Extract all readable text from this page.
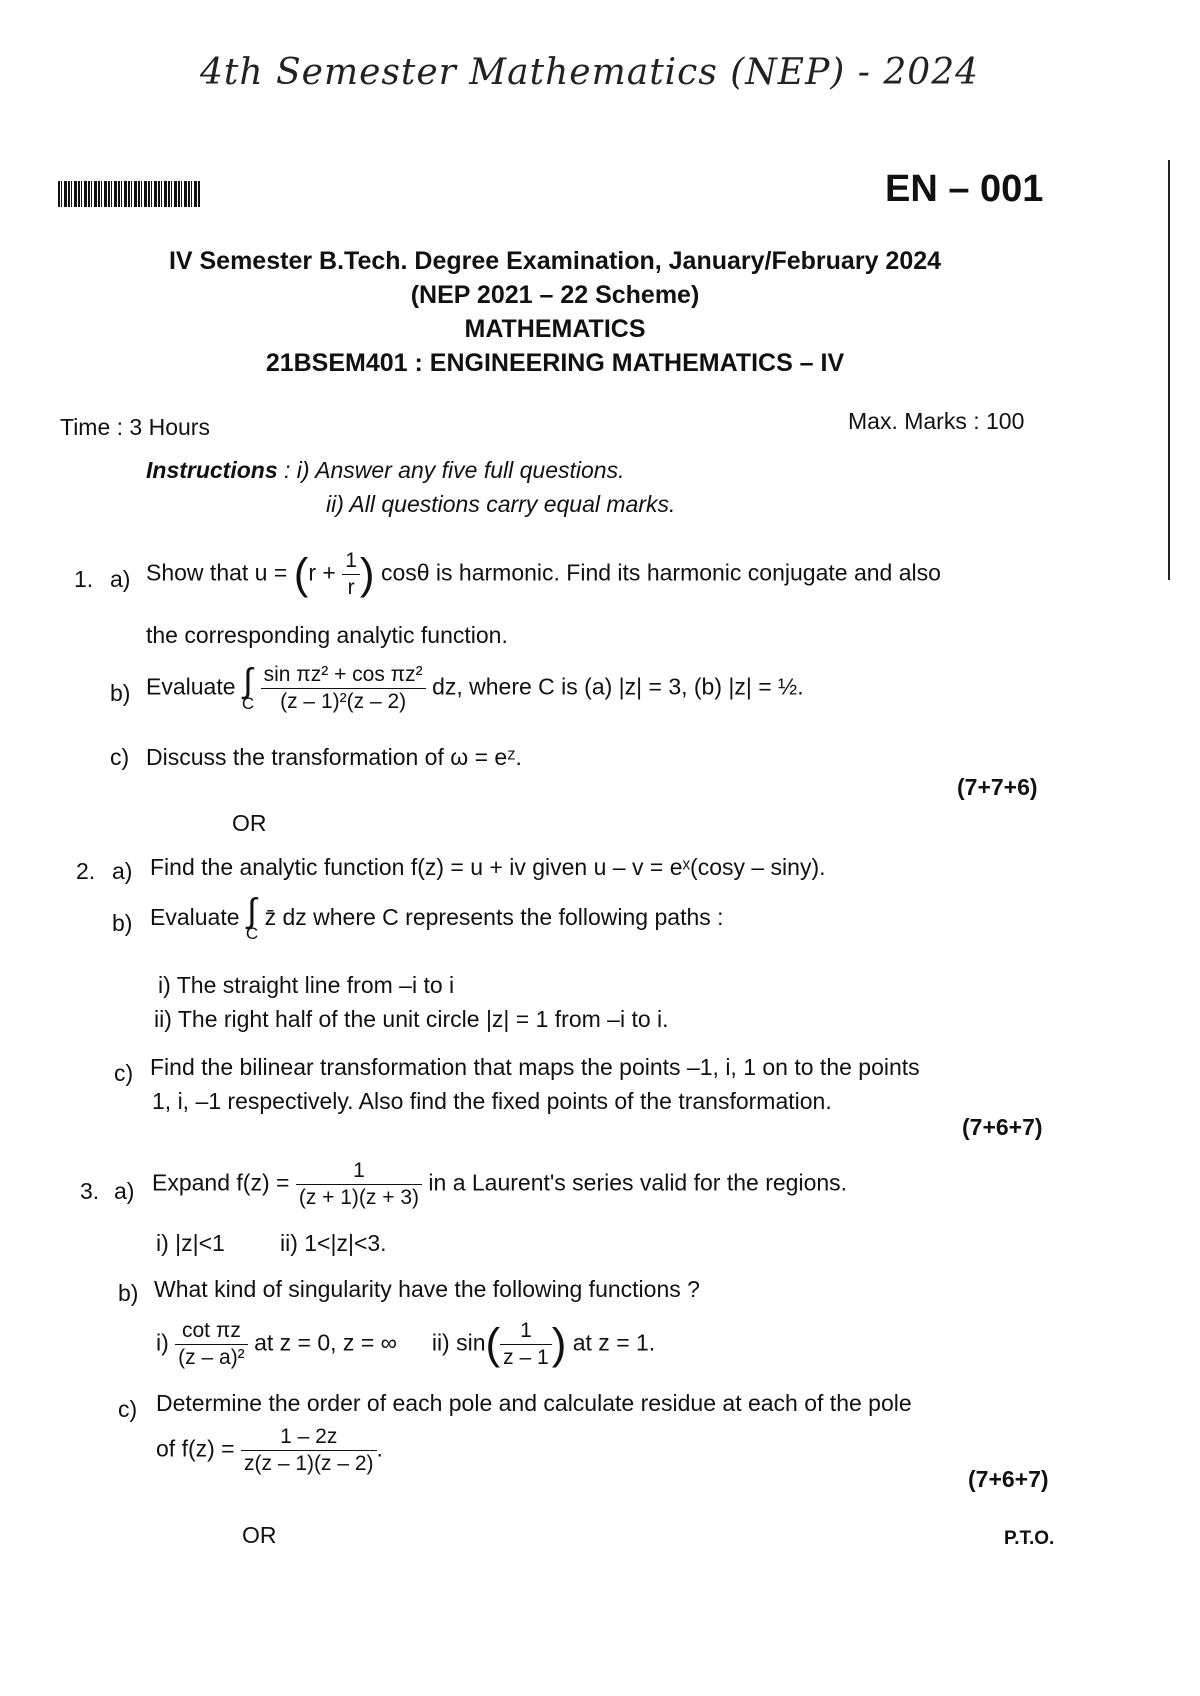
4th Semester Mathematics (NEP) - 2024
EN – 001
IV Semester B.Tech. Degree Examination, January/February 2024
(NEP 2021 – 22 Scheme)
MATHEMATICS
21BSEM401 : ENGINEERING MATHEMATICS – IV
Time : 3 Hours	Max. Marks : 100
Instructions : i) Answer any five full questions.
ii) All questions carry equal marks.
1. a) Show that $u = (r + \frac{1}{r}$ ) cosθ is harmonic. Find its harmonic conjugate and also
the corresponding analytic function.
b) Evaluate ∫
C
$\frac{\text{sin πz² + cos πz²}}{\text{(z – 1)²(z – 2)}}$ dz, where C is (a) |z| = 3, (b) |z| = ½.
c) Discuss the transformation of ω = eᶻ.
(7+7+6)
OR
2. a) Find the analytic function f(z) = u + iv given u – v = eˣ(cosy – siny).
b) Evaluate ∫
C
z̄ dz where C represents the following paths :
i) The straight line from –i to i
ii) The right half of the unit circle |z| = 1 from –i to i.
c) Find the bilinear transformation that maps the points –1, i, 1 on to the points
1, i, –1 respectively. Also find the fixed points of the transformation.
(7+6+7)
3. a) Expand $f(z) = \frac{1}{(z + 1)(z + 3)}$ in a Laurent's series valid for the regions.
i) |z|<1 ii) 1<|z|<3.
b) What kind of singularity have the following functions ?
$i) \frac{\text{cot πz}}{\text{(z – a)²}}$ at z = 0, z = ∞ ii) $\sin( \frac{1}{z - 1}$ ) at z = 1.
c) Determine the order of each pole and calculate residue at each of the pole
of $f(z) = \frac{1 - 2z}{z(z - 1)(z - 2)}$ .
(7+6+7)
OR	P.T.O.
